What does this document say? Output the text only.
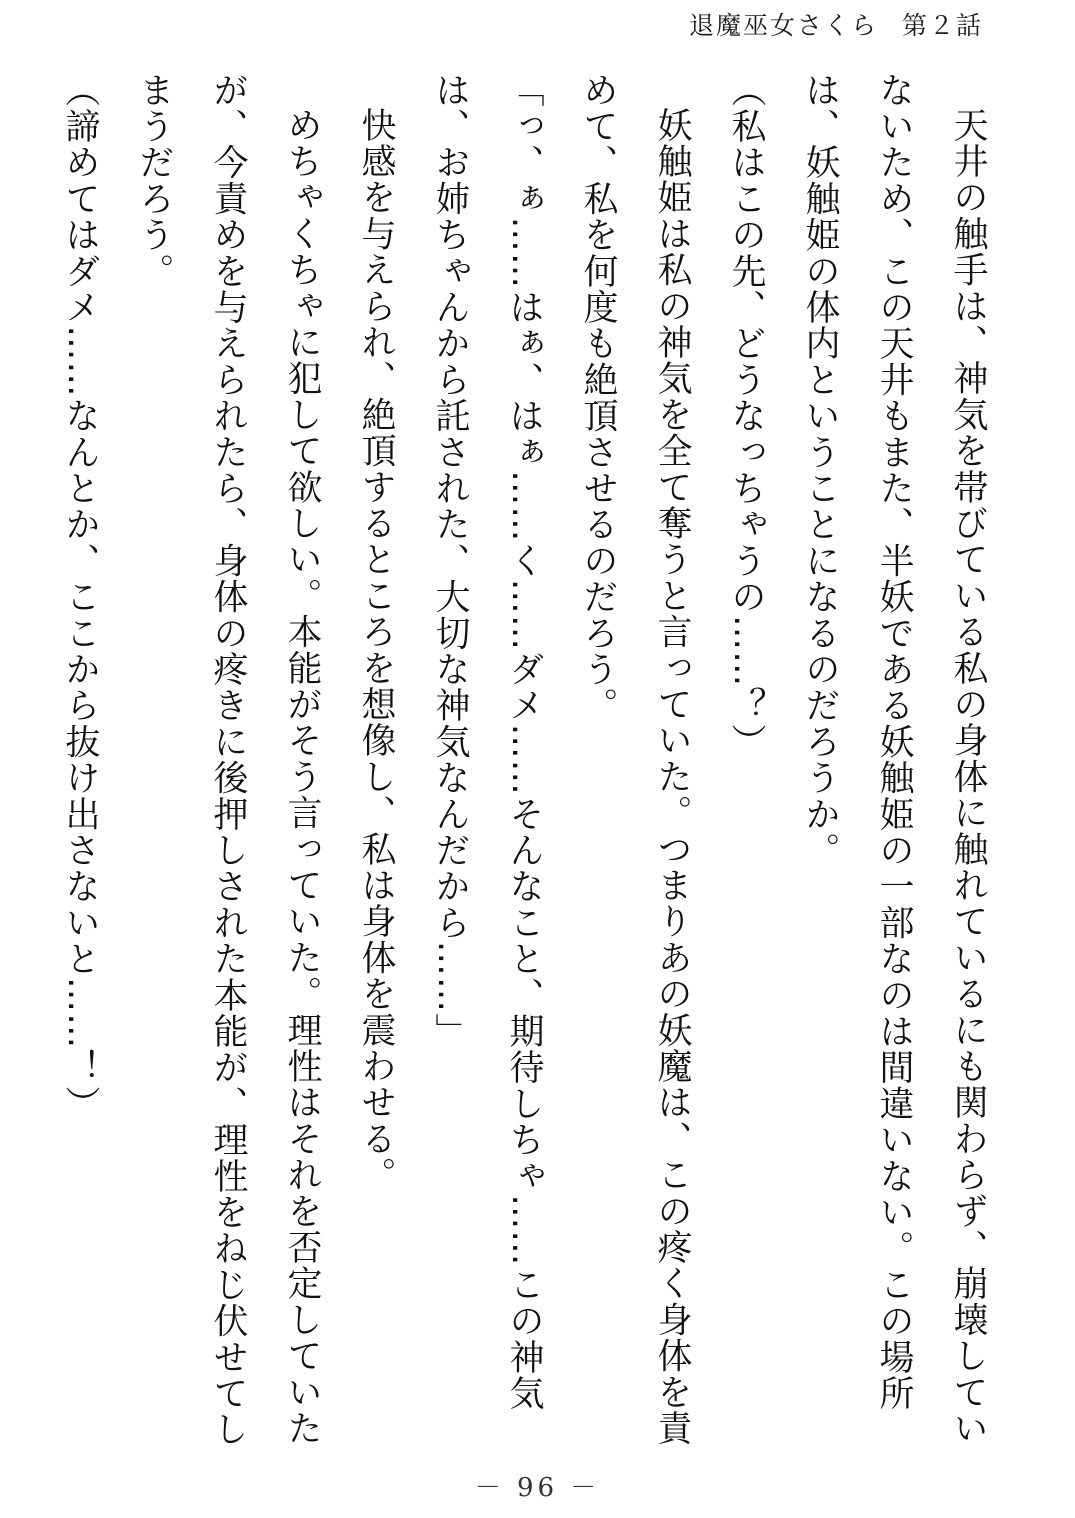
退魔巫女さくら 第２話

天井の触手は、神気を帯びている私の身体に触れているにも関わらず、崩壊していないため、この天井もまた、半妖である妖触姫の一部なのは間違いない。この場所は、妖触姫の体内ということになるのだろうか。

（私はこの先、どうなっちゃうの……？）

妖触姫は私の神気を全て奪うと言っていた。つまりあの妖魔は、この疼く身体を責めて、私を何度も絶頂させるのだろう。

「っ、ぁ……はぁ、はぁ……く……ダメ……そんなこと、期待しちゃ……この神気は、お姉ちゃんから託された、大切な神気なんだから……」

快感を与えられ、絶頂するところを想像し、私は身体を震わせる。

めちゃくちゃに犯して欲しい。本能がそう言っていた。理性はそれを否定していたが、今責めを与えられたら、身体の疼きに後押しされた本能が、理性をねじ伏せてしまうだろう。

（諦めてはダメ……なんとか、ここから抜け出さないと……！）

－ 96 －
